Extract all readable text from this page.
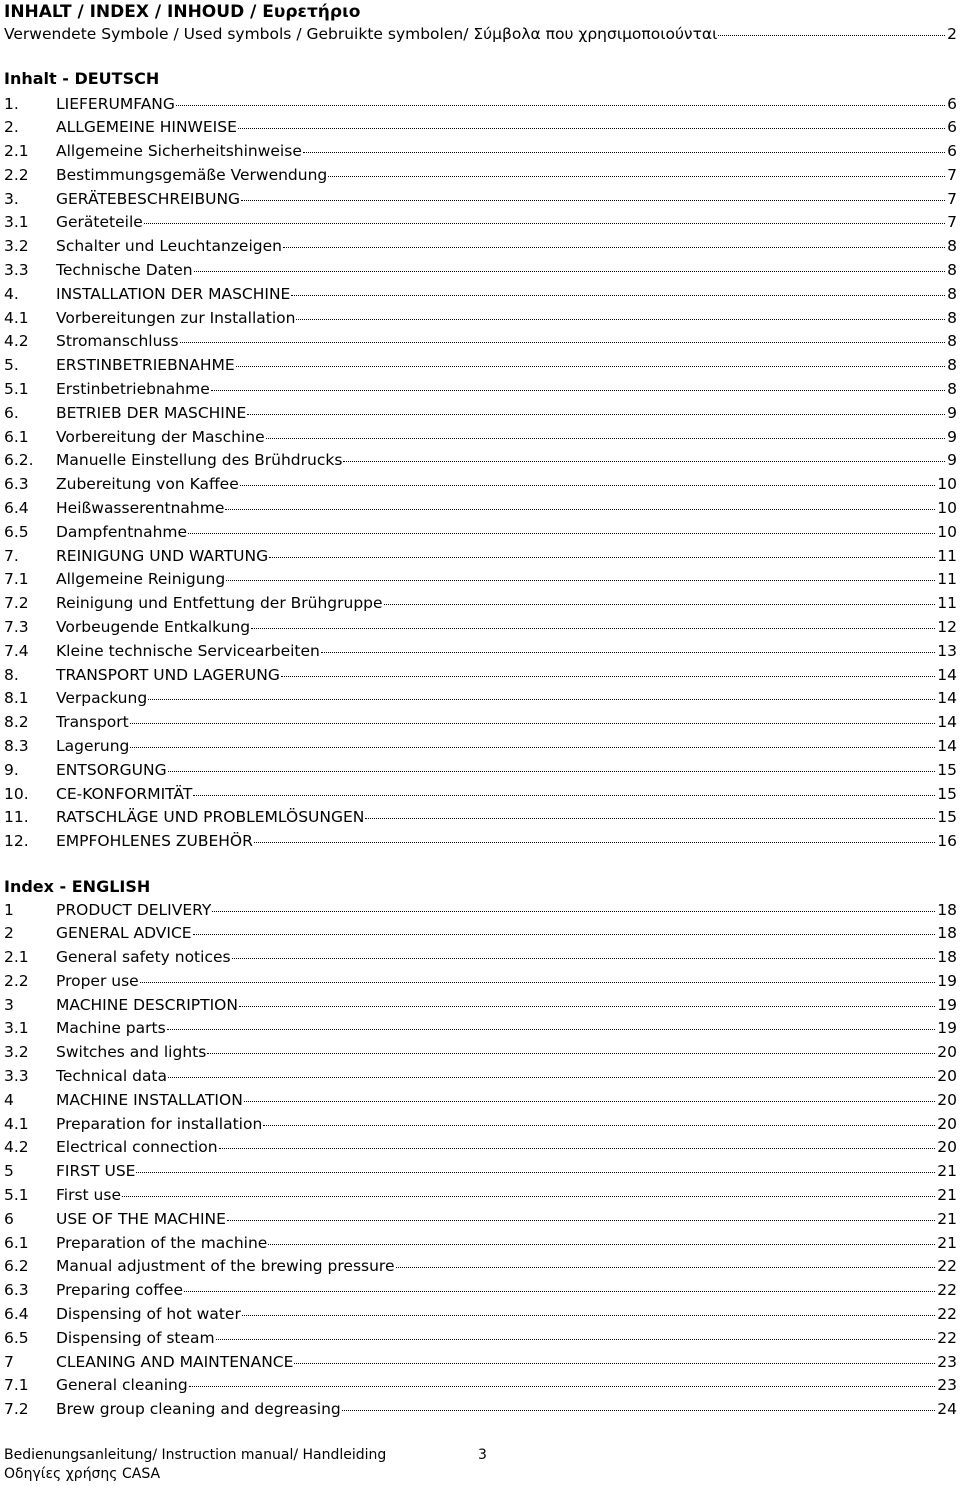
INHALT / INDEX / INHOUD / Ευρετήριο
Verwendete Symbole / Used symbols / Gebruikte symbolen/ Σύμβολα που χρησιμοποιούνται	2
Inhalt - DEUTSCH
1.	LIEFERUMFANG	6
2.	ALLGEMEINE HINWEISE	6
2.1	Allgemeine Sicherheitshinweise	6
2.2	Bestimmungsgemäße Verwendung	7
3.	GERÄTEBESCHREIBUNG	7
3.1	Geräteteile	7
3.2	Schalter und Leuchtanzeigen	8
3.3	Technische Daten	8
4.	INSTALLATION DER MASCHINE	8
4.1	Vorbereitungen zur Installation	8
4.2	Stromanschluss	8
5.	ERSTINBETRIEBNAHME	8
5.1	Erstinbetriebnahme	8
6.	BETRIEB DER MASCHINE	9
6.1	Vorbereitung der Maschine	9
6.2.	Manuelle Einstellung des Brühdrucks	9
6.3	Zubereitung von Kaffee	10
6.4	Heißwasserentnahme	10
6.5	Dampfentnahme	10
7.	REINIGUNG UND WARTUNG	11
7.1	Allgemeine Reinigung	11
7.2	Reinigung und Entfettung der Brühgruppe	11
7.3	Vorbeugende Entkalkung	12
7.4	Kleine technische Servicearbeiten	13
8.	TRANSPORT UND LAGERUNG	14
8.1	Verpackung	14
8.2	Transport	14
8.3	Lagerung	14
9.	ENTSORGUNG	15
10.	CE-KONFORMITÄT	15
11.	RATSCHLÄGE UND PROBLEMLÖSUNGEN	15
12.	EMPFOHLENES ZUBEHÖR	16
Index - ENGLISH
1	PRODUCT DELIVERY	18
2	GENERAL ADVICE	18
2.1	General safety notices	18
2.2	Proper use	19
3	MACHINE DESCRIPTION	19
3.1	Machine parts	19
3.2	Switches and lights	20
3.3	Technical data	20
4	MACHINE INSTALLATION	20
4.1	Preparation for installation	20
4.2	Electrical connection	20
5	FIRST USE	21
5.1	First use	21
6	USE OF THE MACHINE	21
6.1	Preparation of the machine	21
6.2	Manual adjustment of the brewing pressure	22
6.3	Preparing coffee	22
6.4	Dispensing of hot water	22
6.5	Dispensing of steam	22
7	CLEANING AND MAINTENANCE	23
7.1	General cleaning	23
7.2	Brew group cleaning and degreasing	24
Bedienungsanleitung/ Instruction manual/ Handleiding	3
Οδηγίες χρήσης CASA
